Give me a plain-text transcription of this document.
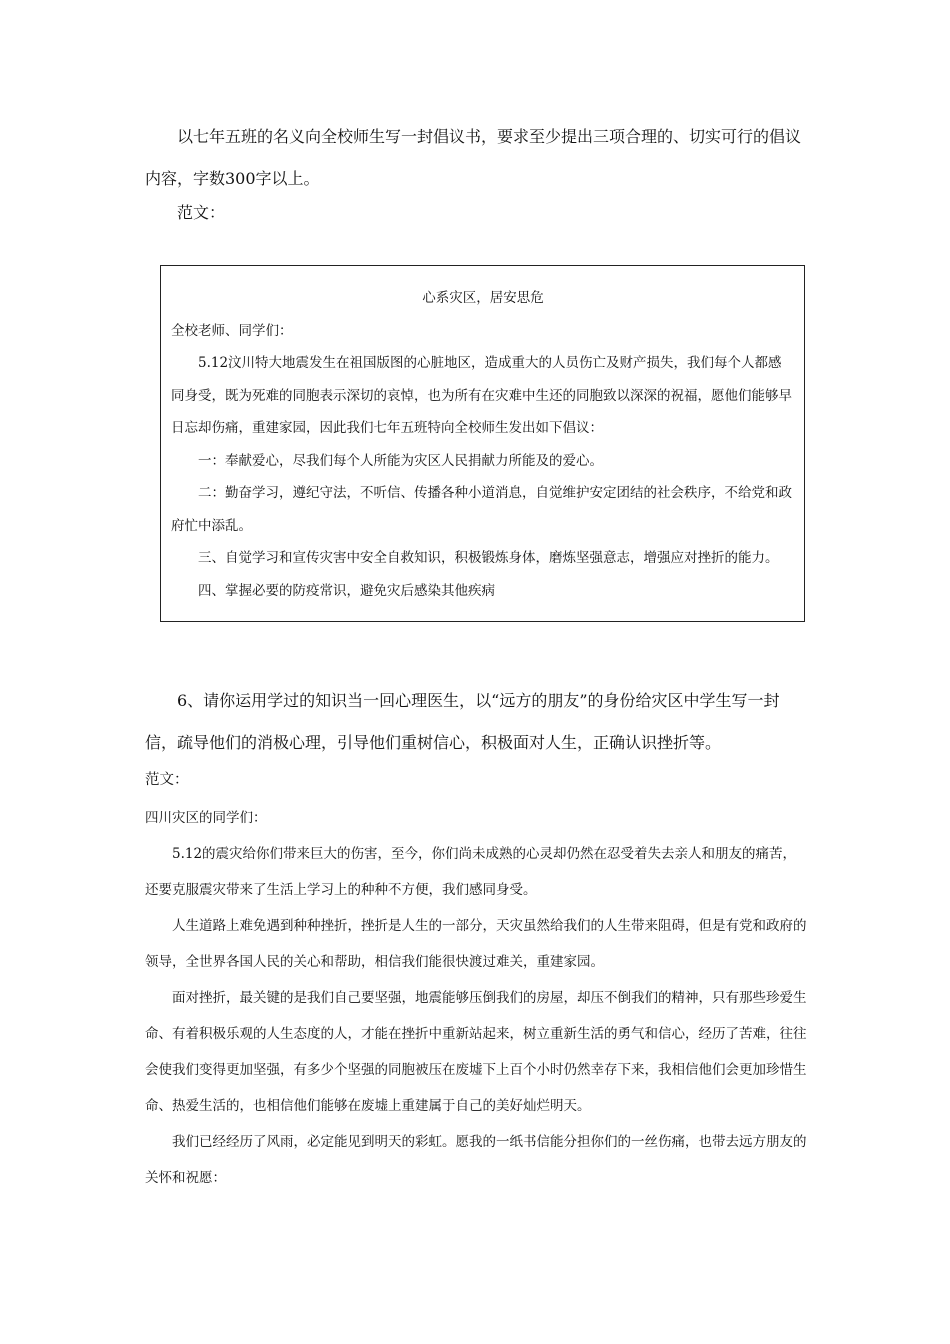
以七年五班的名义向全校师生写一封倡议书，要求至少提出三项合理的、切实可行的倡议内容，字数300字以上。
范文：
心系灾区，居安思危
全校老师、同学们：
5.12汶川特大地震发生在祖国版图的心脏地区，造成重大的人员伤亡及财产损失，我们每个人都感同身受，既为死难的同胞表示深切的哀悼，也为所有在灾难中生还的同胞致以深深的祝福，愿他们能够早日忘却伤痛，重建家园，因此我们七年五班特向全校师生发出如下倡议：
一：奉献爱心，尽我们每个人所能为灾区人民捐献力所能及的爱心。
二：勤奋学习，遵纪守法，不听信、传播各种小道消息，自觉维护安定团结的社会秩序，不给党和政府忙中添乱。
三、自觉学习和宣传灾害中安全自救知识，积极锻炼身体，磨炼坚强意志，增强应对挫折的能力。
四、掌握必要的防疫常识，避免灾后感染其他疾病
6、请你运用学过的知识当一回心理医生，以“远方的朋友”的身份给灾区中学生写一封信，疏导他们的消极心理，引导他们重树信心，积极面对人生，正确认识挫折等。
范文：
四川灾区的同学们：
5.12的震灾给你们带来巨大的伤害，至今，你们尚未成熟的心灵却仍然在忍受着失去亲人和朋友的痛苦，还要克服震灾带来了生活上学习上的种种不方便，我们感同身受。
人生道路上难免遇到种种挫折，挫折是人生的一部分，天灾虽然给我们的人生带来阻碍，但是有党和政府的领导，全世界各国人民的关心和帮助，相信我们能很快渡过难关，重建家园。
面对挫折，最关键的是我们自己要坚强，地震能够压倒我们的房屋，却压不倒我们的精神，只有那些珍爱生命、有着积极乐观的人生态度的人，才能在挫折中重新站起来，树立重新生活的勇气和信心，经历了苦难，往往会使我们变得更加坚强，有多少个坚强的同胞被压在废墟下上百个小时仍然幸存下来，我相信他们会更加珍惜生命、热爱生活的，也相信他们能够在废墟上重建属于自己的美好灿烂明天。
我们已经经历了风雨，必定能见到明天的彩虹。愿我的一纸书信能分担你们的一丝伤痛，也带去远方朋友的关怀和祝愿：
